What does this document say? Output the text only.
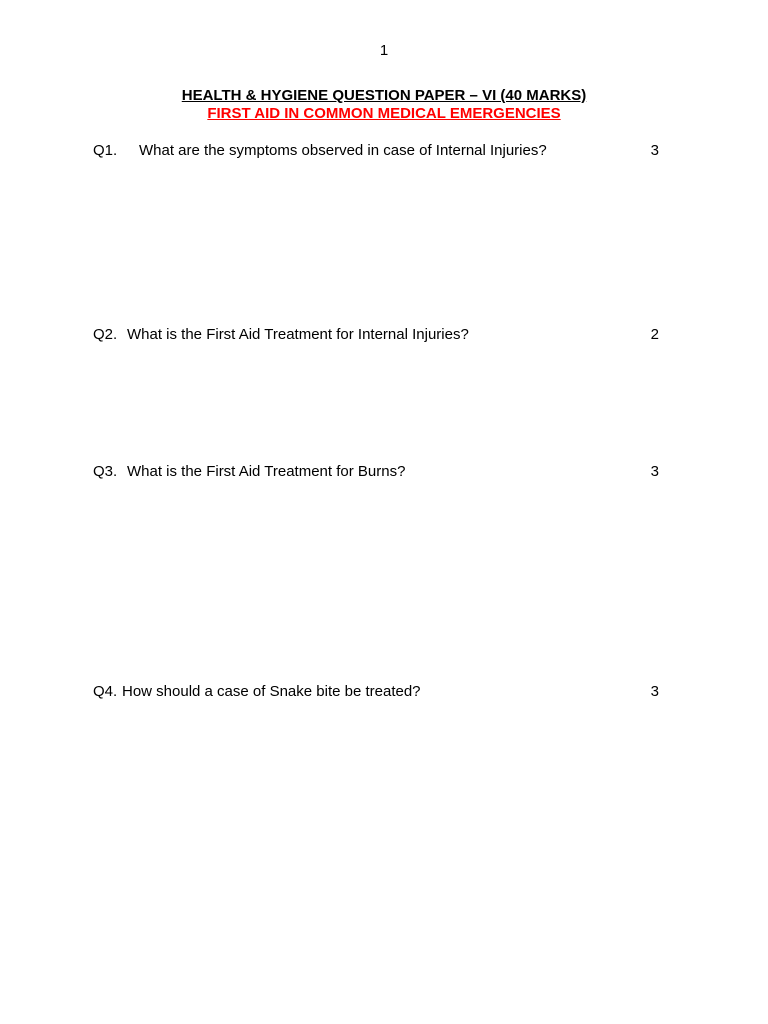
1
HEALTH & HYGIENE QUESTION PAPER – VI (40 MARKS)
FIRST AID IN COMMON MEDICAL EMERGENCIES
Q1. What are the symptoms observed in case of Internal Injuries?	3
Q2. What is the First Aid Treatment for Internal Injuries?	2
Q3. What is the First Aid Treatment for Burns?	3
Q4. How should a case of Snake bite be treated?	3
